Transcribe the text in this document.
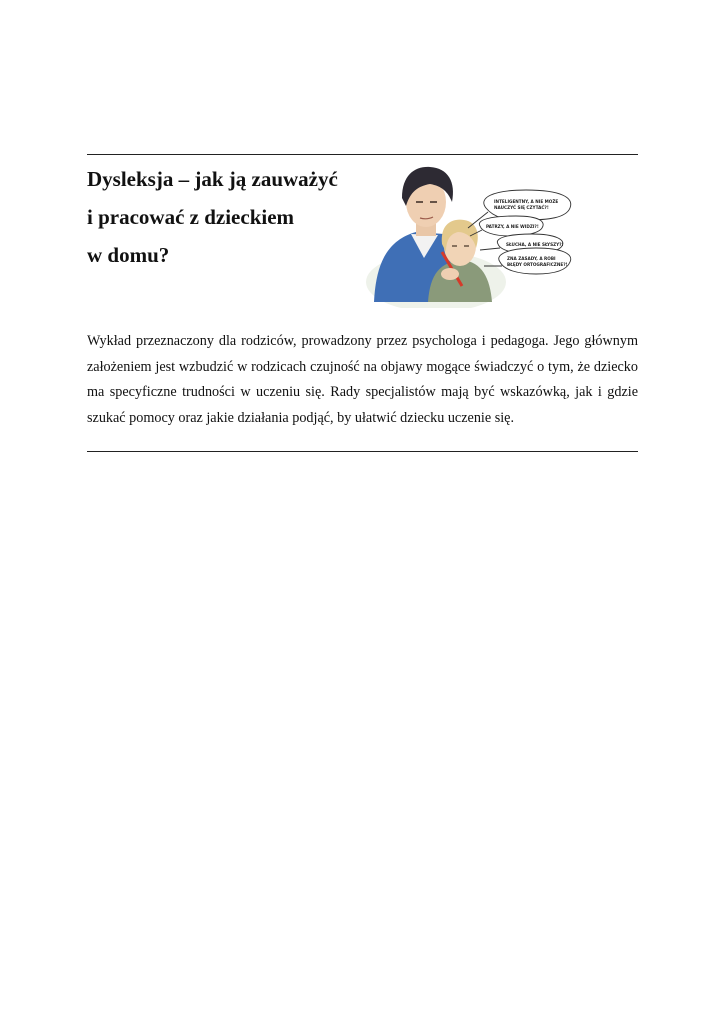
Dysleksja – jak ją zauważyć
i pracować z dzieckiem
w domu?
INTELIGENTNY, A NIE MOŻE
NAUCZYĆ SIĘ CZYTAĆ?!
PATRZY, A NIE WIDZI?!
SŁUCHA, A NIE SŁYSZY?!
ZNA ZASADY, A ROBI
BŁĘDY ORTOGRAFICZNE?!
Wykład przeznaczony dla rodziców, prowadzony przez psychologa i pedagoga. Jego głównym założeniem jest wzbudzić w rodzicach czujność na objawy mogące świadczyć o tym, że dziecko ma specyficzne trudności w uczeniu się. Rady specjalistów mają być wskazówką, jak i gdzie szukać pomocy oraz jakie działania podjąć, by ułatwić dziecku uczenie się.
